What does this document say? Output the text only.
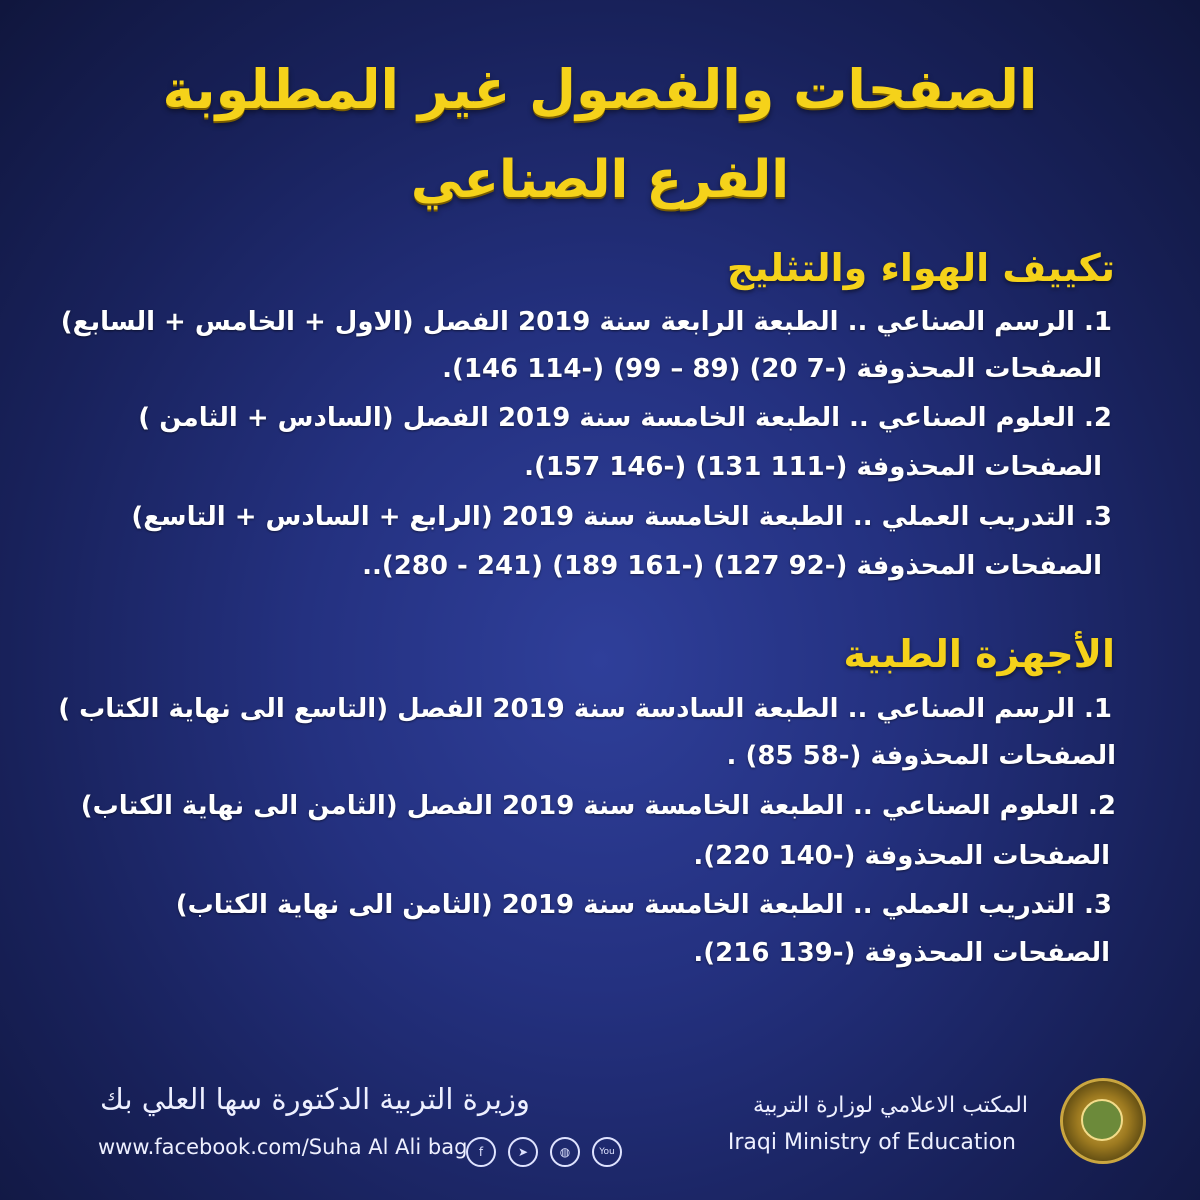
الصفحات والفصول غير المطلوبة
الفرع الصناعي
تكييف الهواء والتثليج
1. الرسم الصناعي .. الطبعة الرابعة سنة 2019 الفصل (الاول + الخامس + السابع)
الصفحات المحذوفة (-7 20) (89 – 99) (-114 146).
2. العلوم الصناعي .. الطبعة الخامسة سنة 2019 الفصل (السادس + الثامن )
الصفحات المحذوفة (-111 131) (-146 157).
3. التدريب العملي .. الطبعة الخامسة سنة 2019 (الرابع + السادس + التاسع)
الصفحات المحذوفة (-92 127) (-161 189) (241 - 280)..
الأجهزة الطبية
1. الرسم الصناعي .. الطبعة السادسة سنة 2019 الفصل (التاسع الى نهاية الكتاب )
الصفحات المحذوفة (-58 85) .
2. العلوم الصناعي .. الطبعة الخامسة سنة 2019 الفصل (الثامن الى نهاية الكتاب)
الصفحات المحذوفة (-140 220).
3. التدريب العملي .. الطبعة الخامسة سنة 2019 (الثامن الى نهاية الكتاب)
الصفحات المحذوفة (-139 216).
وزيرة التربية الدكتورة سها العلي بك
www.facebook.com/Suha Al Ali bag f	➤	◍	You
المكتب الاعلامي لوزارة التربية
Iraqi Ministry of Education
